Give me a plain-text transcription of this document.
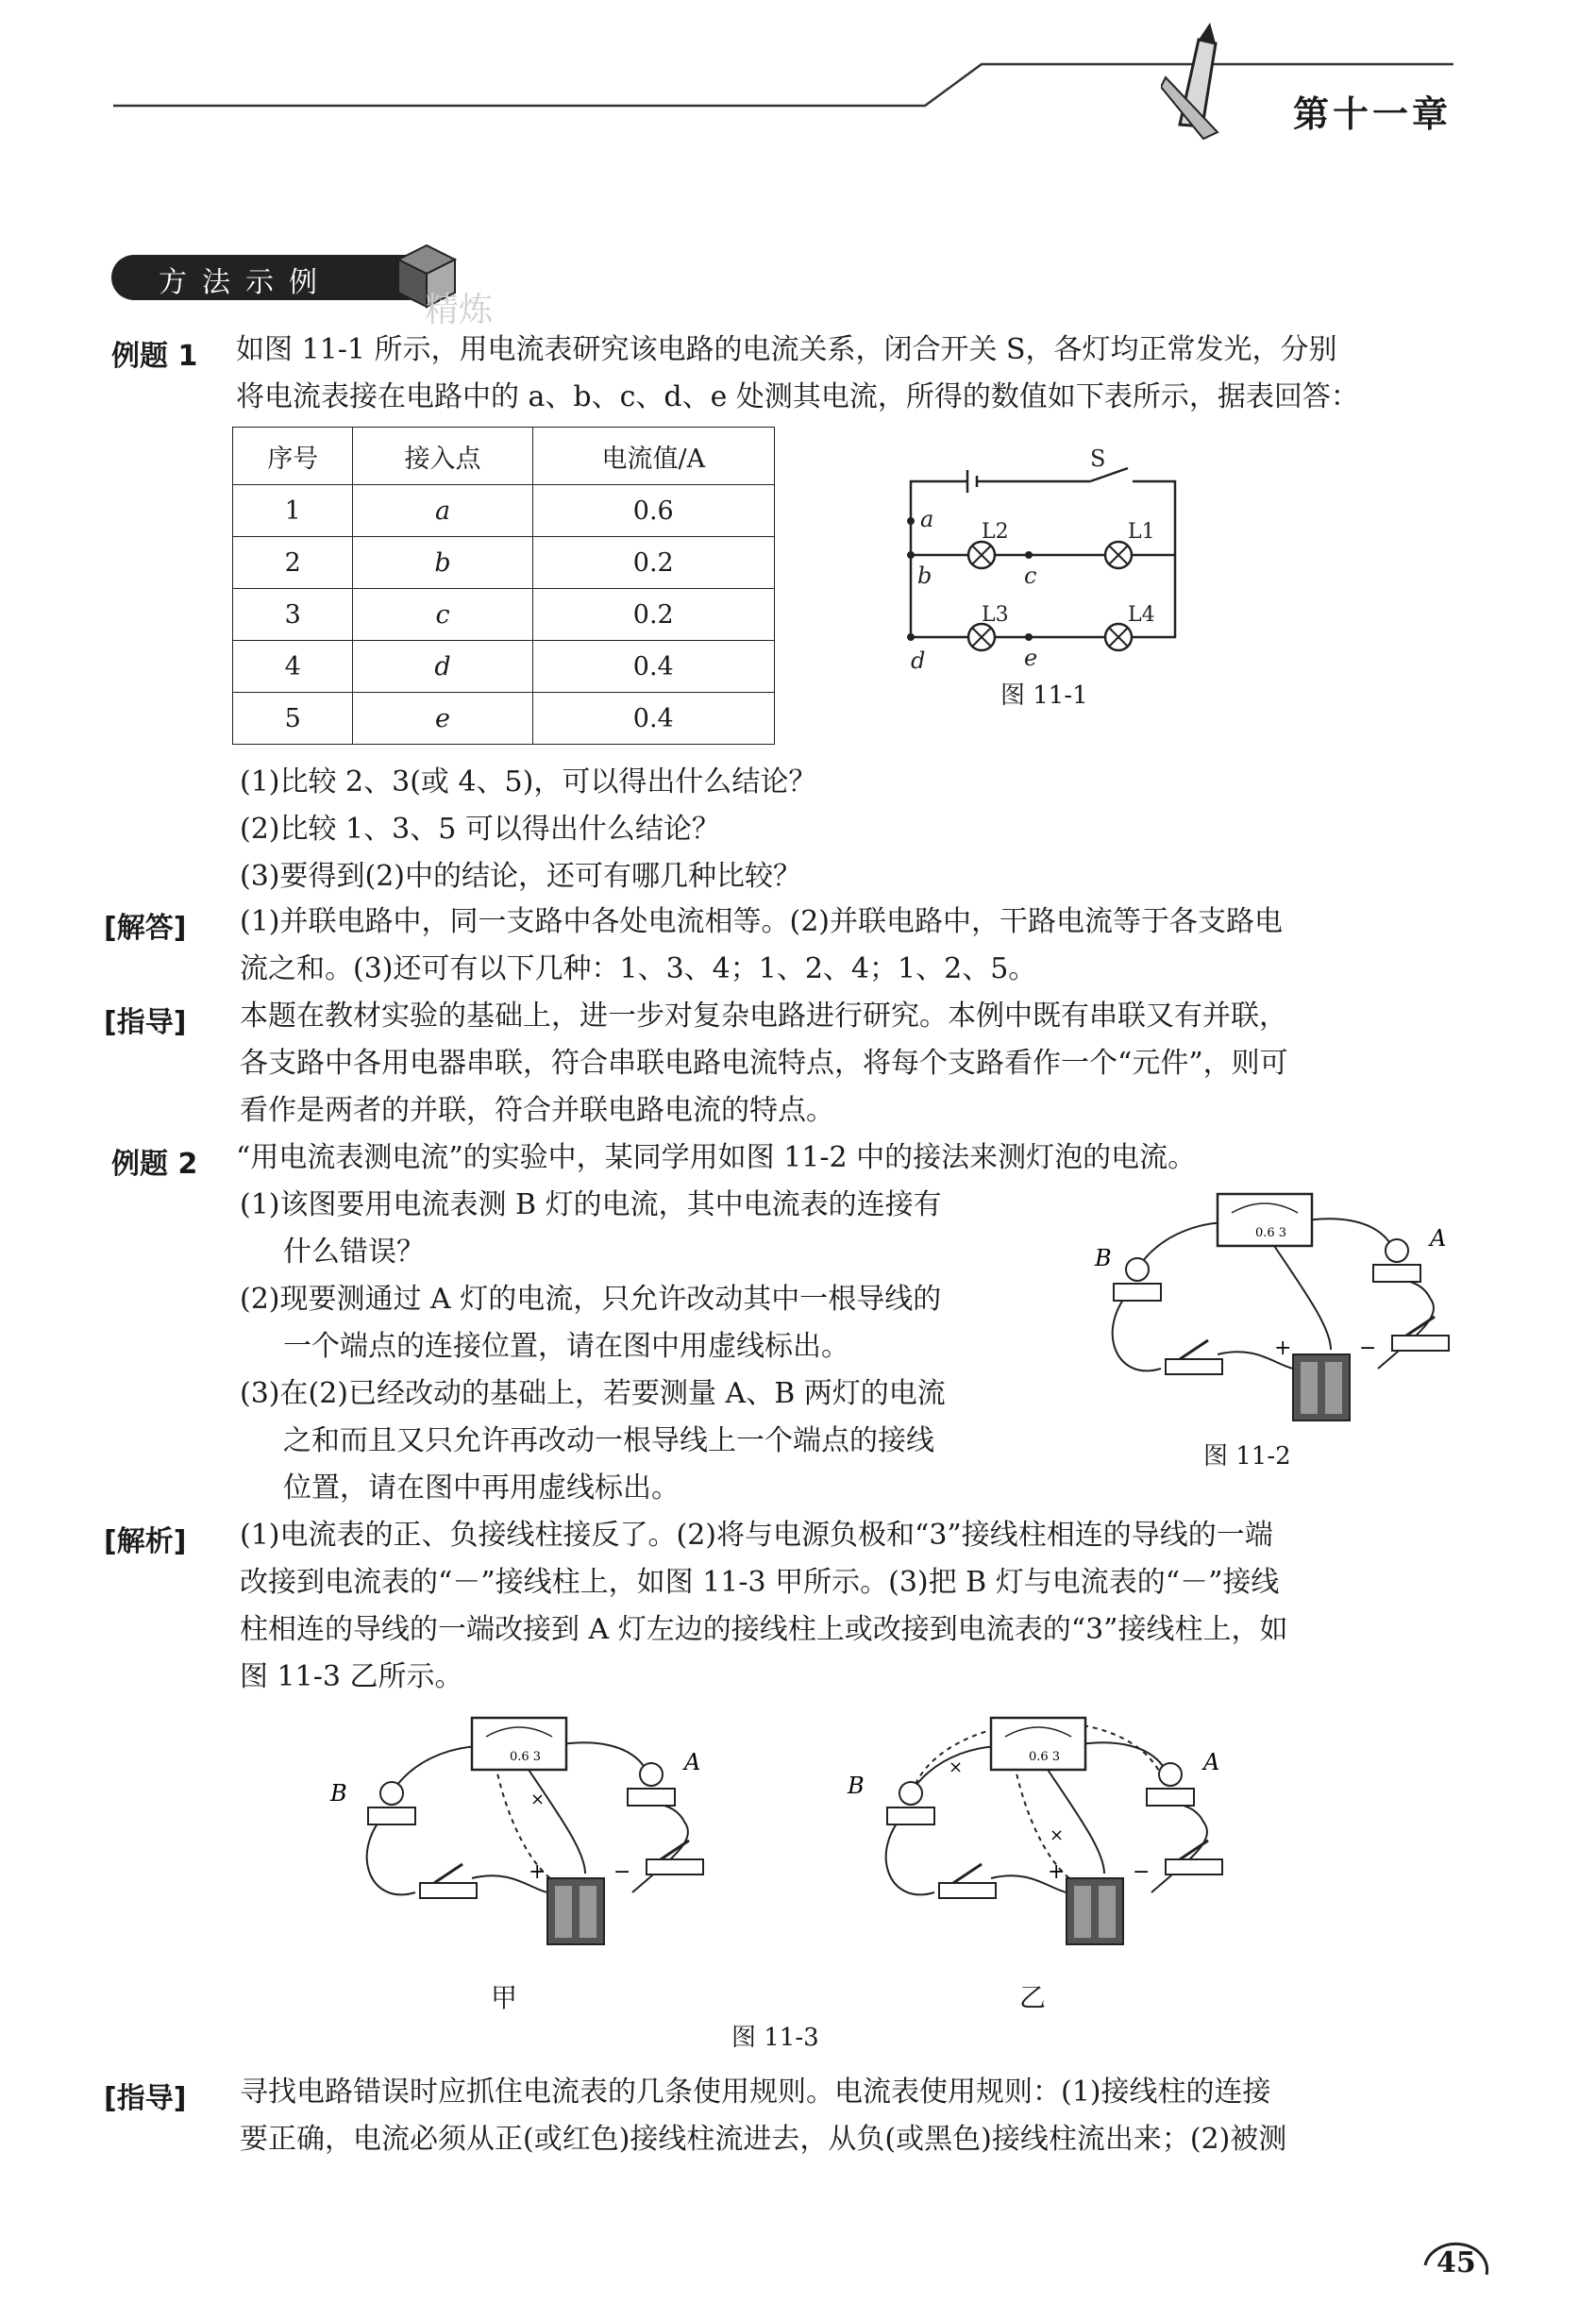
第十一章
方法示例
精炼
例题 1 如图 11-1 所示，用电流表研究该电路的电流关系，闭合开关 S，各灯均正常发光，分别
将电流表接在电路中的 a、b、c、d、e 处测其电流，所得的数值如下表所示，据表回答：
序号	接入点	电流值/A
1	a	0.6
2	b	0.2
3	c	0.2
4	d	0.4
5	e	0.4
S
a
b	c
d	e
L2	L1
L3	L4
图 11-1
(1)比较 2、3(或 4、5)，可以得出什么结论？
(2)比较 1、3、5 可以得出什么结论？
(3)要得到(2)中的结论，还可有哪几种比较？
[解答] (1)并联电路中，同一支路中各处电流相等。(2)并联电路中，干路电流等于各支路电
流之和。(3)还可有以下几种：1、3、4；1、2、4；1、2、5。
[指导] 本题在教材实验的基础上，进一步对复杂电路进行研究。本例中既有串联又有并联，
各支路中各用电器串联，符合串联电路电流特点，将每个支路看作一个“元件”，则可
看作是两者的并联，符合并联电路电流的特点。
例题 2 “用电流表测电流”的实验中，某同学用如图 11-2 中的接法来测灯泡的电流。
(1)该图要用电流表测 B 灯的电流，其中电流表的连接有
什么错误？
(2)现要测通过 A 灯的电流，只允许改动其中一根导线的
一个端点的连接位置，请在图中用虚线标出。
(3)在(2)已经改动的基础上，若要测量 A、B 两灯的电流
之和而且又只允许再改动一根导线上一个端点的接线
位置，请在图中再用虚线标出。
0.6 3
+	−
B
A
图 11-2
[解析] (1)电流表的正、负接线柱接反了。(2)将与电源负极和“3”接线柱相连的导线的一端
改接到电流表的“－”接线柱上，如图 11-3 甲所示。(3)把 B 灯与电流表的“－”接线
柱相连的导线的一端改接到 A 灯左边的接线柱上或改接到电流表的“3”接线柱上，如
图 11-3 乙所示。
×
0.6 3
+	−
B
A	×
×
0.6 3
+	−
B
A
甲	乙
图 11-3
[指导] 寻找电路错误时应抓住电流表的几条使用规则。电流表使用规则：(1)接线柱的连接
要正确，电流必须从正(或红色)接线柱流进去，从负(或黑色)接线柱流出来；(2)被测
45
